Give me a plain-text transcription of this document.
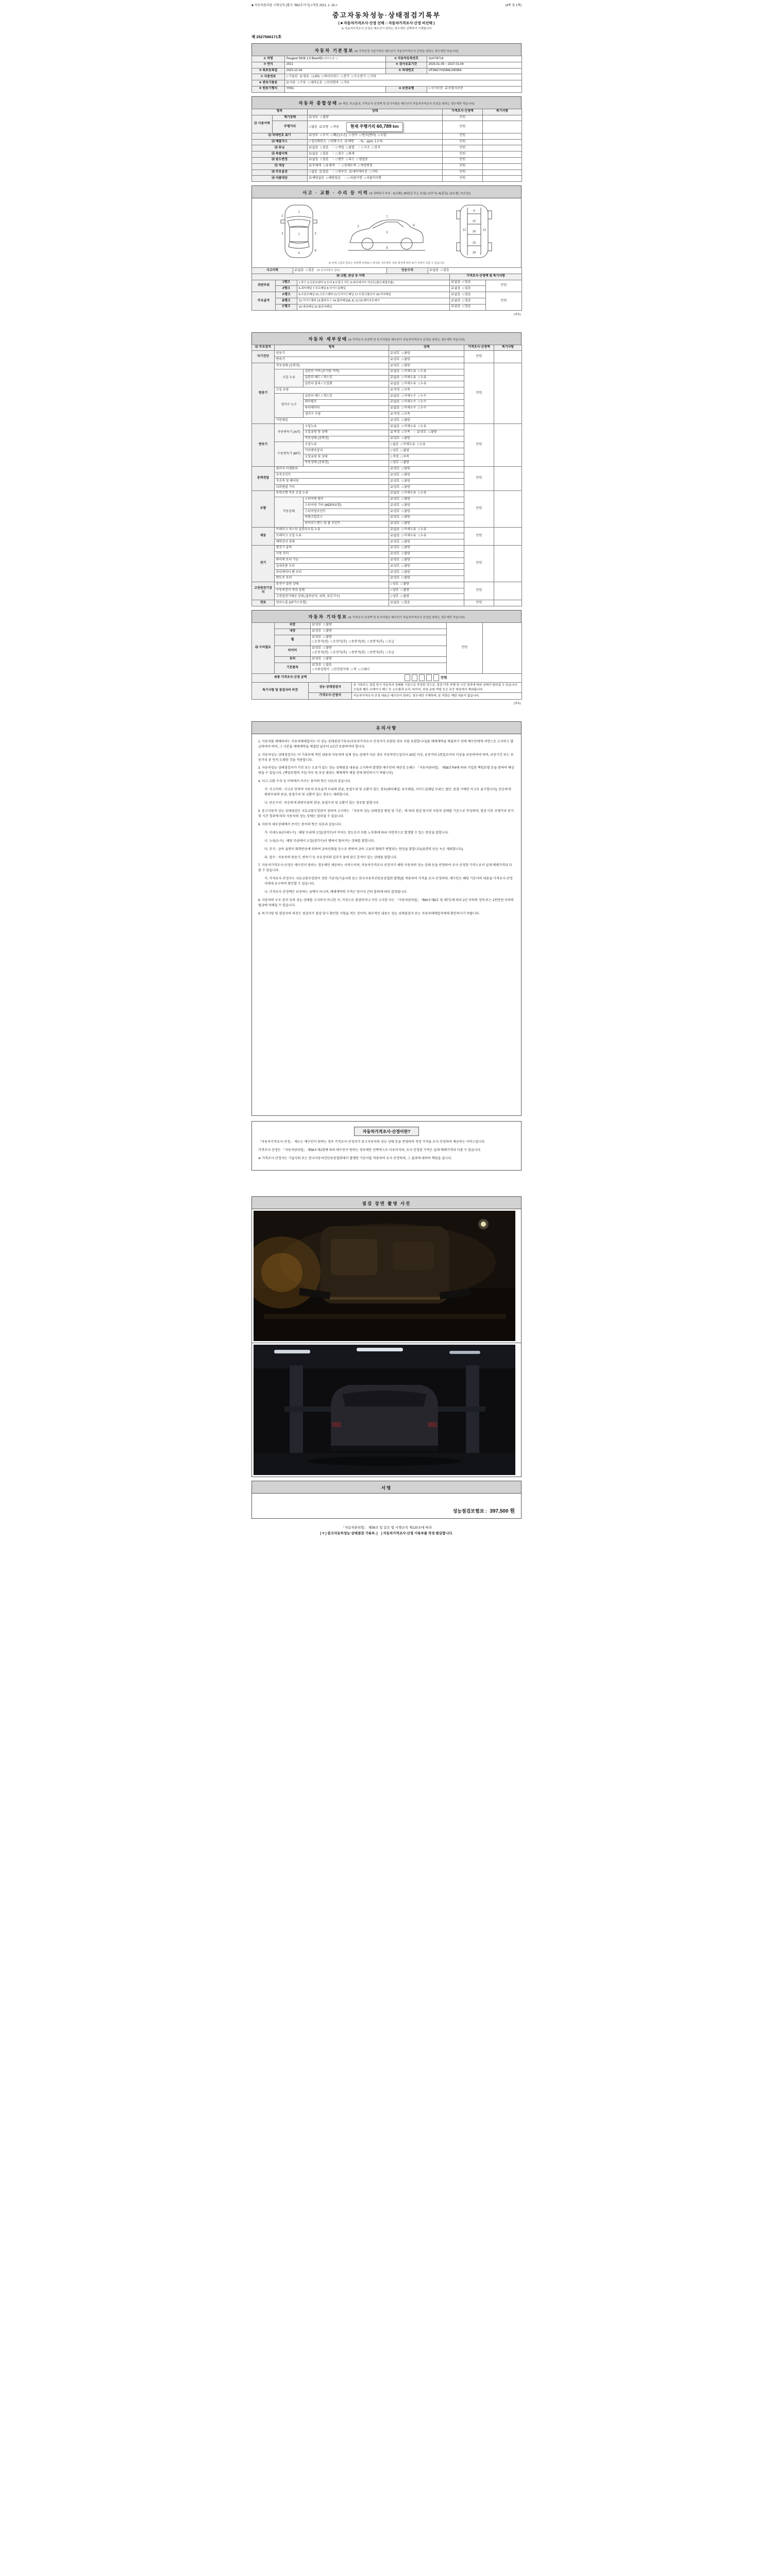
■ 자동차관리법 시행규칙 [별지 제82호서식] <개정 2021. 1. 19.>	(4쪽 중 1쪽)
중고자동차성능·상태점검기록부
( ■ 자동차가격조사·산정 선택 □ 자동차가격조사·산정 비선택 )
※ 자동차가격조사·산정은 매수인이 원하는 경우에만 선택하여 기재합니다
제 2527586171호
자동차 기본정보 (※ 가격산정 기준가격은 매수인이 자동차가격조사·산정을 원하는 경우에만 적습니다)
① 차명	Peugeot 5008 1.5 BlueHDi (세부모델 : )	② 자동차등록번호	314머8716
③ 연식	2021	④ 검사유효기간	2025-01-05 ~ 2027-01-04
⑤ 최초등록일	2020-12-04	⑥ 차대번호	VF3MCYHZ4ML000954
⑦ 사용연료	□가솔린 ☑경유 □LPG □하이브리드 □전기 □수소전기 □기타		
⑧ 변속기종류	☑자동 □수동 □세미오토 □무단변속 □기타		
⑨ 원동기형식	YH01	⑩ 보증유형	□자가보증 ☑보험사보증
자동차 종합상태 (※ 색상, 주요옵션, 가격조사·산정액 및 특기사항은 매수인이 자동차가격조사·산정을 원하는 경우에만 적습니다)
항목		상태	가격조사·산정액	특기사항
⑪ 사용이력	계기상태	☑양호 □불량	만원	
	주행거리	□많음 ☑보통 □적음 현재 주행거리 60,789 km	만원	
⑫ 차대번호 표기		☑양호 □부식 □훼손(오손) □상이 □변조(변타) □도말	만원	
⑬ 배출가스		□일산화탄소 □탄화수소 ☑매연 - %, - ppm, 1.2 %	만원	
⑭ 튜닝		☑없음 □있음 / □적법 □불법 / □구조 □장치	만원	
⑮ 특별이력		☑없음 □있음 / □침수 □화재	만원	
⑯ 용도변경		☑없음 □있음 / □렌트 □리스 □영업용	만원	
⑰ 색상		☑무채색 □유채색 / □전체도색 □색상변경	만원	
⑱ 주요옵션		□없음 ☑있음 / □썬루프 ☑네비게이션 □기타	만원	
⑲ 리콜대상		☑해당없음 □해당있음 / □리콜이행 □리콜미이행	만원	
사고 · 교환 · 수리 등 이력 (※ 상태표시 부호 : X(교환), W(판금 또는 용접), C(부식), A(흠집), U(요철), T(손상))
1
2
3	3
7
4
6
7
2	6
3
8
9
10
16
15
18
12	12
※ 차체 그림의 번호는 부위별 상태표시 위치를 나타내며, 차종 형상에 따라 표기 부위가 다를 수 있습니다
사고이력	☑없음 □있음 (※ 유의사항 4. 참조)	단순수리	☑없음 □있음
⑳ 교환, 판금 등 이력			가격조사·산정액 및 특기사항	
외판부위	1랭크	1.후드 2.프론트펜더 3.도어 4.트렁크 리드 5.라디에이터 서포트(볼트체결부품)	☑없음 □있음	만원
	2랭크	6.쿼터패널 7.루프패널 8.사이드실패널	☑없음 □있음	
주요골격	A랭크	9.프론트패널 10.크로스멤버 11.인사이드패널 17.트렁크플로어 18.리어패널	☑없음 □있음	만원
	B랭크	12.사이드멤버 13.휠하우스 14.필러패널(A, B, C) 19.패키지트레이	☑없음 □있음	
	C랭크	15.대쉬패널 16.플로어패널	☑없음 □있음	
(계속)
자동차 세부상태 (※ 가격조사·산정액 및 특기사항은 매수인이 자동차가격조사·산정을 원하는 경우에만 적습니다)
㉑ 주요장치	항목		상태	가격조사·산정액	특기사항
자기진단	원동기		☑양호 □불량	만원	
	변속기		☑양호 □불량		
원동기	작동상태 (공회전)		☑양호 □불량	만원	
	오일 누유	실린더 커버 (로커암 커버)	☑없음 □미세누유 □누유		
		실린더 헤드 / 개스킷	☑없음 □미세누유 □누유		
		실린더 블록 / 오일팬	☑없음 □미세누유 □누유		
	오일 유량		☑적정 □부족		
	냉각수 누수	실린더 헤드 / 개스킷	☑없음 □미세누수 □누수		
		워터펌프	☑없음 □미세누수 □누수		
		라디에이터	☑없음 □미세누수 □누수		
		냉각수 수량	☑적정 □부족		
	커먼레일		☑양호 □불량		
변속기	자동변속기 (A/T)	오일누유	☑없음 □미세누유 □누유	만원	
		오일유량 및 상태	☑적정 □부족 / ☑양호 □불량		
		작동상태 (공회전)	☑양호 □불량		
	수동변속기 (M/T)	오일누유	□없음 □미세누유 □누유		
		기어변속장치	□양호 □불량		
		오일유량 및 상태	□적정 □부족		
		작동상태 (공회전)	□양호 □불량		
동력전달	클러치 어셈블리		☑양호 □불량	만원	
	등속조인트		☑양호 □불량		
	추진축 및 베어링		☑양호 □불량		
	디퍼렌셜 기어		☑양호 □불량		
조향	동력조향 작동 오일 누유		☑없음 □미세누유 □누유	만원	
	작동상태	스티어링 펌프	☑양호 □불량		
		스티어링 기어 (MDPS포함)	☑양호 □불량		
		스티어링조인트	☑양호 □불량		
		파워고압호스	☑양호 □불량		
		타이로드엔드 및 볼 조인트	☑양호 □불량		
제동	브레이크 마스터 실린더오일 누유		☑없음 □미세누유 □누유	만원	
	브레이크 오일 누유		☑없음 □미세누유 □누유		
	배력장치 상태		☑양호 □불량		
전기	발전기 출력		☑양호 □불량	만원	
	시동 모터		☑양호 □불량		
	와이퍼 모터 기능		☑양호 □불량		
	실내송풍 모터		☑양호 □불량		
	라디에이터 팬 모터		☑양호 □불량		
	윈도우 모터		☑양호 □불량		
고전원전기장치	충전구 절연 상태		□양호 □불량	만원	
	구동축전지 격리 상태		□양호 □불량		
	고전원전기배선 상태 (접속단자, 피복, 보호기구)		□양호 □불량		
연료	연료누출 (LP가스포함)		☑없음 □있음	만원	
자동차 기타정보 (※ 가격조사·산정액 및 특기사항은 매수인이 자동차가격조사·산정을 원하는 경우에만 적습니다)
㉒ 수리필요	외장	☑양호 □불량	만원	
	내장	☑양호 □불량		
	휠	☑양호 □불량
□운전석(전) □운전석(후) □동반석(전) □동반석(후) □응급		

	타이어	☑양호 □불량
□운전석(전) □운전석(후) □동반석(전) □동반석(후) □응급		

	유리	☑양호 □불량		
	기본품목	☑있음 □없음
□사용설명서 □안전삼각대 □잭 □스패너		
최종 가격조사·산정 금액	만원
특기사항 및 점검자의 의견	성능·상태점검자	본 기록부는 점검 당시 자동차의 상태를 기준으로 작성한 것으로, 점검 이후 주행 및 시간 경과에 따라 상태가 달라질 수 있습니다. 오일류·벨트·브레이크 패드 등 소모품과 유리, 타이어, 외장 긁힘·찍힘 등은 보증 대상에서 제외됩니다.
	가격조사·산정자	자동차가격조사·산정 내용은 매수인이 원하는 경우에만 기재하며, 본 차량은 해당 내용이 없습니다.
(계속)
유의사항
1. 자동차를 매매하려는 자동차매매업자는 이 성능·상태점검기록부(자동차가격조사·산정서가 포함된 경우 이를 포함합니다)를 매매계약을 체결하기 전에 매수인에게 서면으로 고지하고 발급하여야 하며, 그 사본을 매매계약을 체결한 날부터 1년간 보관하여야 합니다.
2. 자동차성능·상태점검자는 이 기록부에 적힌 내용과 자동차의 실제 성능·상태가 다른 경우 자동차인도일부터 30일 이상, 보증거리 2천킬로미터 이상을 보증하여야 하며, 보증기간 또는 보증거리 중 먼저 도래한 것을 적용합니다.
3. 자동차성능·상태점검자가 거짓 또는 오류가 있는 성능·상태점검 내용을 고지하여 발생한 매수인의 재산상 손해는 「자동차관리법」 제58조의4에 따라 가입한 책임보험 등을 통하여 배상받을 수 있습니다. (책임보험의 가입 여부 및 보상 범위는 매매계약 체결 전에 확인하시기 바랍니다)
4. 사고·교환·수리 등 이력에서 쓰이는 용어의 뜻은 다음과 같습니다.
가. 사고이력 : 사고로 인하여 자동차 주요골격 부위의 판금, 용접수리 및 교환이 있는 경우(쿼터패널, 루프패널, 사이드실패널 부위는 절단, 용접 시에만 사고로 표기합니다). 단순하게 외판부위의 판금, 용접수리 및 교환이 있는 경우는 제외합니다.
나. 단순수리 : 단순하게 외판부위의 판금, 용접수리 및 교환이 있는 경우를 말합니다.
5. 중고자동차 성능·상태점검은 국토교통부장관이 정하여 고시하는 「자동차 성능·상태점검 방법 및 기준」에 따라 점검 당시의 자동차 상태를 기준으로 작성하며, 점검 이후 주행거리 증가 및 시간 경과에 따라 자동차의 성능·상태는 달라질 수 있습니다.
6. 자동차 세부상태에서 쓰이는 용어의 뜻은 다음과 같습니다.
가. 미세누유(미세누수) : 해당 부위에 오일(냉각수)이 비치는 정도로서 부품 노후화에 따라 자연적으로 발생할 수 있는 현상을 말합니다.
나. 누유(누수) : 해당 부위에서 오일(냉각수)이 맺혀서 떨어지는 상태를 말합니다.
다. 부식 : 금속 표면이 화학반응에 의하여 금속산화물 등으로 변하여 금속 고유의 형태가 변형되는 현상을 말합니다(표면의 단순 녹은 제외합니다).
라. 침수 : 자동차의 원동기, 변속기 등 주요장치의 일부가 물에 잠긴 흔적이 있는 상태를 말합니다.
7. 자동차가격조사·산정은 매수인이 원하는 경우에만 제공하는 서비스이며, 자동차가격조사·산정자가 해당 자동차의 성능·상태 등을 반영하여 조사·산정한 가격으로서 실제 매매가격과 다를 수 있습니다.
가. 가격조사·산정자는 국토교통부장관이 정한 기준서(기술사회 또는 한국자동차진단보증협회 발행)를 적용하여 가격을 조사·산정하며, 매수인은 해당 기준서의 내용을 가격조사·산정자에게 요구하여 확인할 수 있습니다.
나. 가격조사·산정액은 보증하는 금액이 아니며, 매매계약의 가격은 당사자 간의 합의에 따라 결정됩니다.
8. 자동차의 구조·장치 등의 성능·상태를 고지하지 아니한 자, 거짓으로 점검하거나 거짓 고지한 자는 「자동차관리법」 제80조제6호 및 제7호에 따라 2년 이하의 징역 또는 2천만원 이하의 벌금에 처해질 수 있습니다.
9. 특기사항 및 점검자의 의견은 점검자가 점검 당시 확인한 사항을 적은 것이며, 세부적인 내용은 성능·상태점검자 또는 자동차매매업자에게 확인하시기 바랍니다.
자동차가격조사·산정이란?
「자동차가격조사·산정」 제도는 매수인이 원하는 경우 가격조사·산정자가 중고자동차의 성능·상태 등을 반영하여 적정 가격을 조사·산정하여 제공하는 서비스입니다.
가격조사·산정은 「자동차관리법」 제58조제1항에 따라 매수인이 원하는 경우에만 선택적으로 이루어지며, 조사·산정된 가격은 실제 매매가격과 다를 수 있습니다.
※ 가격조사·산정자는 기술사회 또는 한국자동차진단보증협회에서 발행한 기준서를 적용하여 조사·산정하며, 그 결과에 대하여 책임을 집니다.
점검 장면 촬영 사진
서명
성능점검보험료 : 397,500 원
「자동차관리법」 제58조 및 같은 법 시행규칙 제120조에 따라
[ V ] 중고자동차성능·상태점검 기록부, [　] 자동차가격조사·산정 기록부를 작성·발급합니다.
